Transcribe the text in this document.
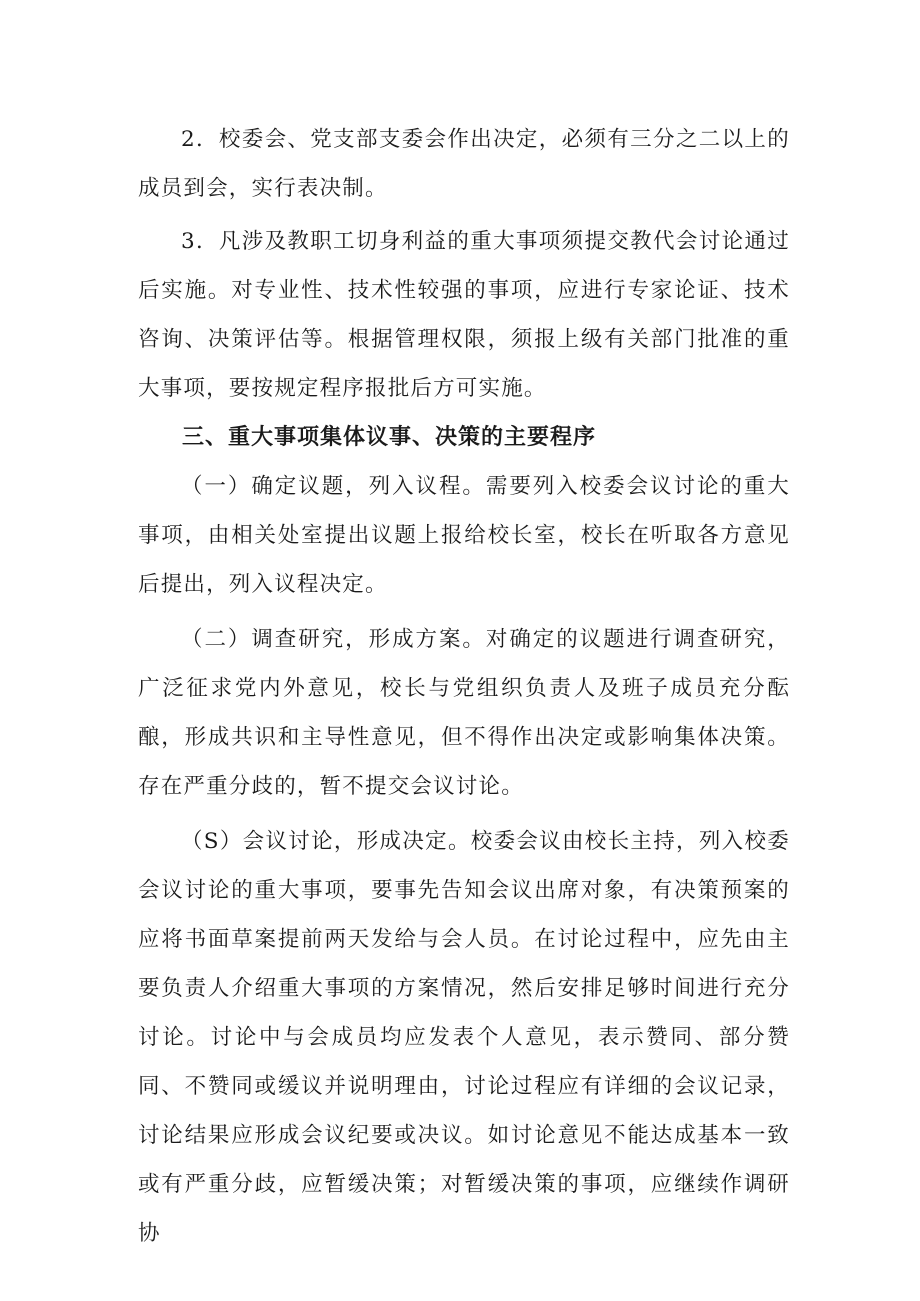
2．校委会、党支部支委会作出决定，必须有三分之二以上的成员到会，实行表决制。

3．凡涉及教职工切身利益的重大事项须提交教代会讨论通过后实施。对专业性、技术性较强的事项，应进行专家论证、技术咨询、决策评估等。根据管理权限，须报上级有关部门批准的重大事项，要按规定程序报批后方可实施。

三、重大事项集体议事、决策的主要程序

（一）确定议题，列入议程。需要列入校委会议讨论的重大事项，由相关处室提出议题上报给校长室，校长在听取各方意见后提出，列入议程决定。

（二）调查研究，形成方案。对确定的议题进行调查研究，广泛征求党内外意见，校长与党组织负责人及班子成员充分酝酿，形成共识和主导性意见，但不得作出决定或影响集体决策。存在严重分歧的，暂不提交会议讨论。

（S）会议讨论，形成决定。校委会议由校长主持，列入校委会议讨论的重大事项，要事先告知会议出席对象，有决策预案的应将书面草案提前两天发给与会人员。在讨论过程中，应先由主要负责人介绍重大事项的方案情况，然后安排足够时间进行充分讨论。讨论中与会成员均应发表个人意见，表示赞同、部分赞同、不赞同或缓议并说明理由，讨论过程应有详细的会议记录，讨论结果应形成会议纪要或决议。如讨论意见不能达成基本一致或有严重分歧，应暂缓决策；对暂缓决策的事项，应继续作调研协
